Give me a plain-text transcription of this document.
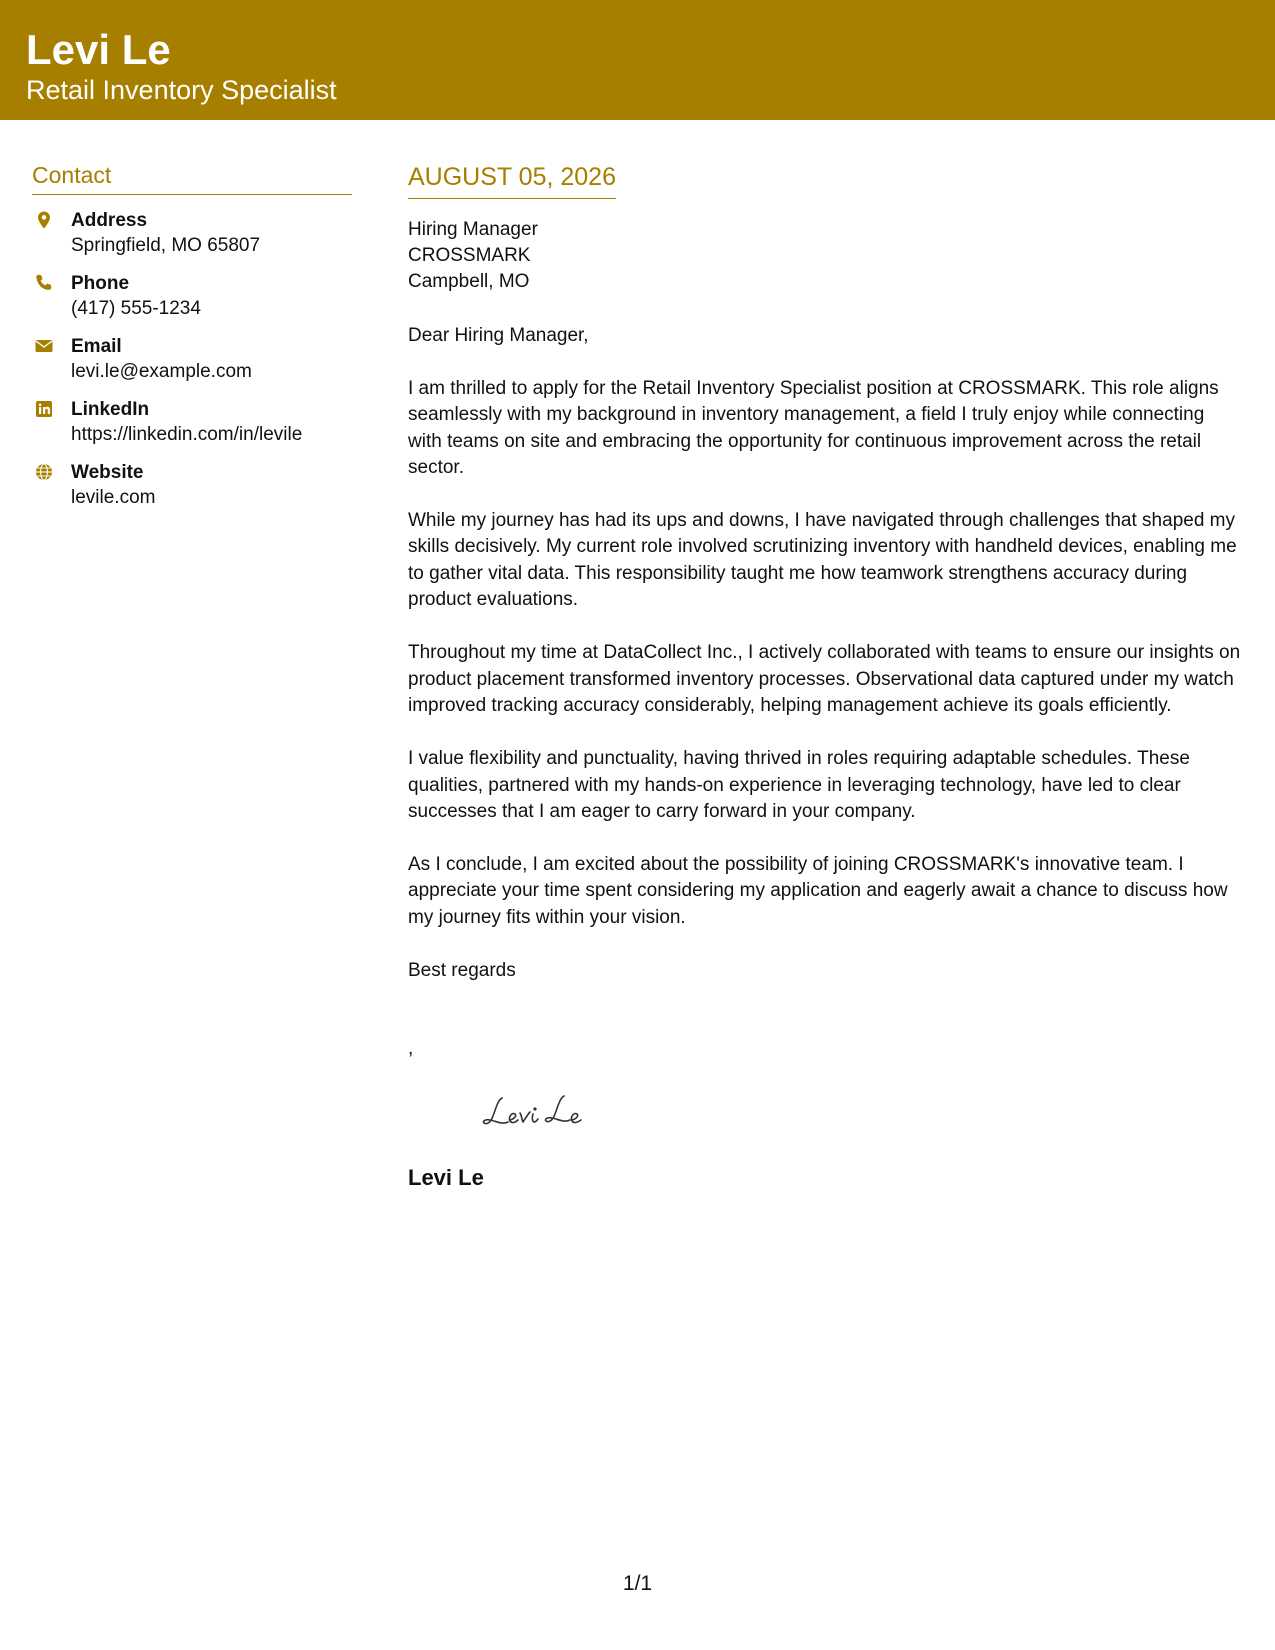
Levi Le
Retail Inventory Specialist
Contact
Address
Springfield, MO 65807
Phone
(417) 555-1234
Email
levi.le@example.com
LinkedIn
https://linkedin.com/in/levile
Website
levile.com
AUGUST 05, 2026
Hiring Manager
CROSSMARK
Campbell, MO
Dear Hiring Manager,
I am thrilled to apply for the Retail Inventory Specialist position at CROSSMARK. This role aligns seamlessly with my background in inventory management, a field I truly enjoy while connecting with teams on site and embracing the opportunity for continuous improvement across the retail sector.
While my journey has had its ups and downs, I have navigated through challenges that shaped my skills decisively. My current role involved scrutinizing inventory with handheld devices, enabling me to gather vital data. This responsibility taught me how teamwork strengthens accuracy during product evaluations.
Throughout my time at DataCollect Inc., I actively collaborated with teams to ensure our insights on product placement transformed inventory processes. Observational data captured under my watch improved tracking accuracy considerably, helping management achieve its goals efficiently.
I value flexibility and punctuality, having thrived in roles requiring adaptable schedules. These qualities, partnered with my hands-on experience in leveraging technology, have led to clear successes that I am eager to carry forward in your company.
As I conclude, I am excited about the possibility of joining CROSSMARK's innovative team. I appreciate your time spent considering my application and eagerly await a chance to discuss how my journey fits within your vision.
Best regards
,
Levi Le
1/1
